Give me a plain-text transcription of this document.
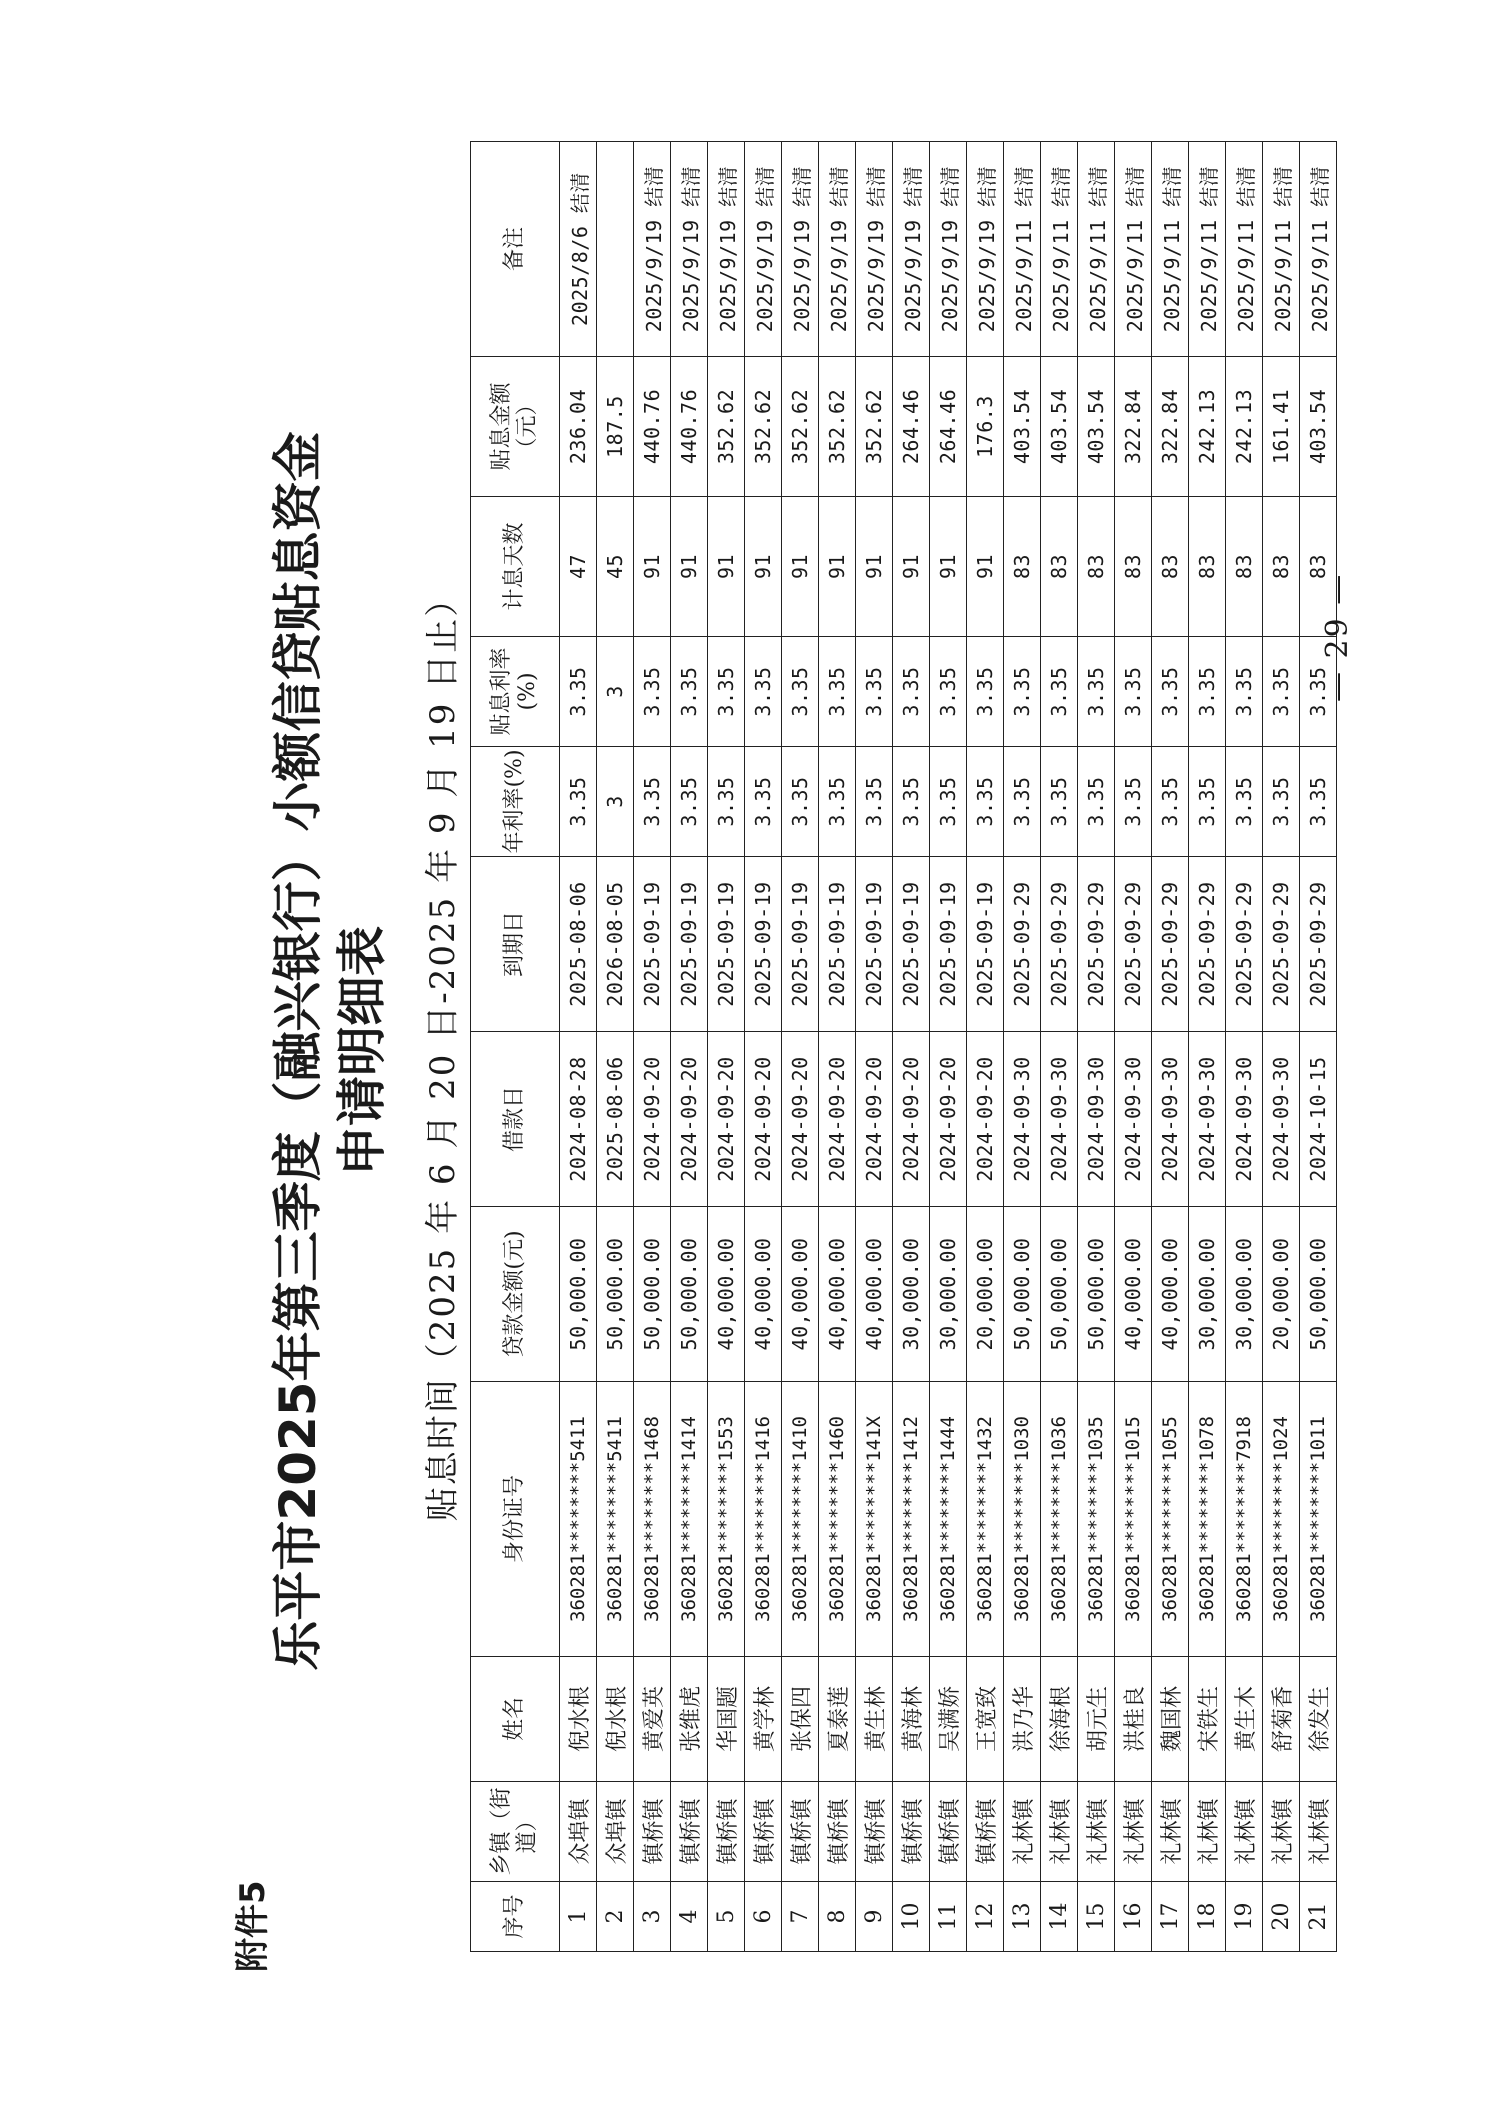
附件5
乐平市2025年第三季度（融兴银行）小额信贷贴息资金 申请明细表 贴息时间（2025 年 6 月 20 日-2025 年 9 月 19 日止）
序号	乡镇（街道）	姓名	身份证号	贷款金额(元)	借款日	到期日	年利率(%)	贴息利率(%)	计息天数	贴息金额（元）	备注
1	众埠镇	倪水根	360281********5411	50,000.00	2024-08-28	2025-08-06	3.35	3.35	47	236.04	2025/8/6 结清
2	众埠镇	倪水根	360281********5411	50,000.00	2025-08-06	2026-08-05	3	3	45	187.5	
3	镇桥镇	黄爱英	360281********1468	50,000.00	2024-09-20	2025-09-19	3.35	3.35	91	440.76	2025/9/19 结清
4	镇桥镇	张维虎	360281********1414	50,000.00	2024-09-20	2025-09-19	3.35	3.35	91	440.76	2025/9/19 结清
5	镇桥镇	华国题	360281********1553	40,000.00	2024-09-20	2025-09-19	3.35	3.35	91	352.62	2025/9/19 结清
6	镇桥镇	黄学林	360281********1416	40,000.00	2024-09-20	2025-09-19	3.35	3.35	91	352.62	2025/9/19 结清
7	镇桥镇	张保四	360281********1410	40,000.00	2024-09-20	2025-09-19	3.35	3.35	91	352.62	2025/9/19 结清
8	镇桥镇	夏泰莲	360281********1460	40,000.00	2024-09-20	2025-09-19	3.35	3.35	91	352.62	2025/9/19 结清
9	镇桥镇	黄生林	360281********141X	40,000.00	2024-09-20	2025-09-19	3.35	3.35	91	352.62	2025/9/19 结清
10	镇桥镇	黄海林	360281********1412	30,000.00	2024-09-20	2025-09-19	3.35	3.35	91	264.46	2025/9/19 结清
11	镇桥镇	吴满娇	360281********1444	30,000.00	2024-09-20	2025-09-19	3.35	3.35	91	264.46	2025/9/19 结清
12	镇桥镇	王宽致	360281********1432	20,000.00	2024-09-20	2025-09-19	3.35	3.35	91	176.3	2025/9/19 结清
13	礼林镇	洪乃华	360281********1030	50,000.00	2024-09-30	2025-09-29	3.35	3.35	83	403.54	2025/9/11 结清
14	礼林镇	徐海根	360281********1036	50,000.00	2024-09-30	2025-09-29	3.35	3.35	83	403.54	2025/9/11 结清
15	礼林镇	胡元生	360281********1035	50,000.00	2024-09-30	2025-09-29	3.35	3.35	83	403.54	2025/9/11 结清
16	礼林镇	洪桂良	360281********1015	40,000.00	2024-09-30	2025-09-29	3.35	3.35	83	322.84	2025/9/11 结清
17	礼林镇	魏国林	360281********1055	40,000.00	2024-09-30	2025-09-29	3.35	3.35	83	322.84	2025/9/11 结清
18	礼林镇	宋铁生	360281********1078	30,000.00	2024-09-30	2025-09-29	3.35	3.35	83	242.13	2025/9/11 结清
19	礼林镇	黄生木	360281********7918	30,000.00	2024-09-30	2025-09-29	3.35	3.35	83	242.13	2025/9/11 结清
20	礼林镇	舒菊香	360281********1024	20,000.00	2024-09-30	2025-09-29	3.35	3.35	83	161.41	2025/9/11 结清
21	礼林镇	徐发生	360281********1011	50,000.00	2024-10-15	2025-09-29	3.35	3.35	83	403.54	2025/9/11 结清
— 29 —
